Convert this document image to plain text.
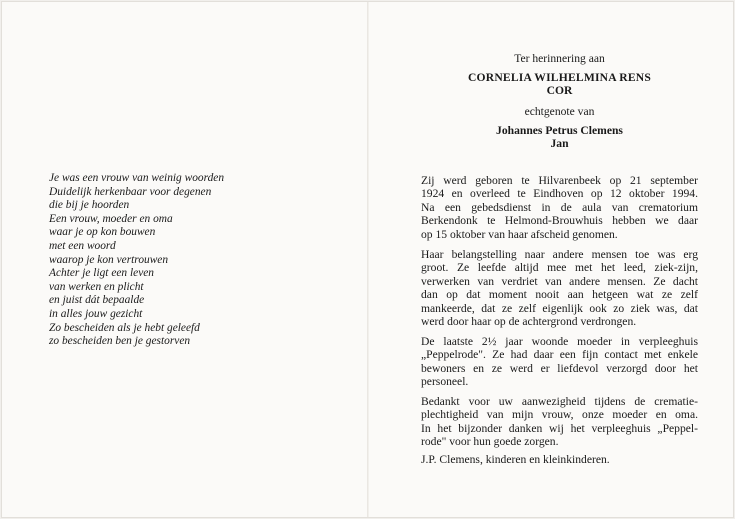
Je was een vrouw van weinig woorden
Duidelijk herkenbaar voor degenen
die bij je hoorden
Een vrouw, moeder en oma
waar je op kon bouwen
met een woord
waarop je kon vertrouwen
Achter je ligt een leven
van werken en plicht
en juist dát bepaalde
in alles jouw gezicht
Zo bescheiden als je hebt geleefd
zo bescheiden ben je gestorven
Ter herinnering aan
CORNELIA WILHELMINA RENS
COR
echtgenote van
Johannes Petrus Clemens
Jan
Zij werd geboren te Hilvarenbeek op 21 september
1924 en overleed te Eindhoven op 12 oktober 1994.
Na een gebedsdienst in de aula van crematorium
Berkendonk te Helmond-Brouwhuis hebben we daar
op 15 oktober van haar afscheid genomen.
Haar belangstelling naar andere mensen toe was erg
groot. Ze leefde altijd mee met het leed, ziek-zijn,
verwerken van verdriet van andere mensen. Ze dacht
dan op dat moment nooit aan hetgeen wat ze zelf
mankeerde, dat ze zelf eigenlijk ook zo ziek was, dat
werd door haar op de achtergrond verdrongen.
De laatste 2½ jaar woonde moeder in verpleeghuis
„Peppelrode". Ze had daar een fijn contact met enkele
bewoners en ze werd er liefdevol verzorgd door het
personeel.
Bedankt voor uw aanwezigheid tijdens de crematie-
plechtigheid van mijn vrouw, onze moeder en oma.
In het bijzonder danken wij het verpleeghuis „Peppel-
rode" voor hun goede zorgen.
J.P. Clemens, kinderen en kleinkinderen.
